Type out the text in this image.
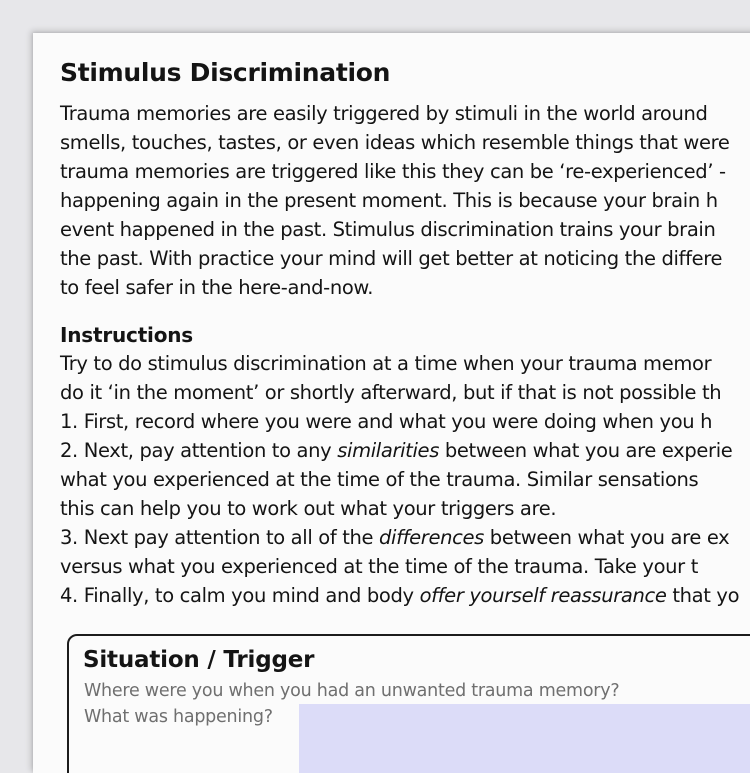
Stimulus Discrimination

Trauma memories are easily triggered by stimuli in the world around

smells, touches, tastes, or even ideas which resemble things that were

trauma memories are triggered like this they can be ‘re-experienced’ -

happening again in the present moment. This is because your brain h

event happened in the past. Stimulus discrimination trains your brain

the past. With practice your mind will get better at noticing the differe

to feel safer in the here-and-now.

Instructions

Try to do stimulus discrimination at a time when your trauma memor

do it ‘in the moment’ or shortly afterward, but if that is not possible th

1. First, record where you were and what you were doing when you h

2. Next, pay attention to any similarities between what you are experie

what you experienced at the time of the trauma. Similar sensations

this can help you to work out what your triggers are.

3. Next pay attention to all of the differences between what you are ex

versus what you experienced at the time of the trauma. Take your t

4. Finally, to calm you mind and body offer yourself reassurance that yo

Situation / Trigger
Where were you when you had an unwanted trauma memory?
What was happening?
